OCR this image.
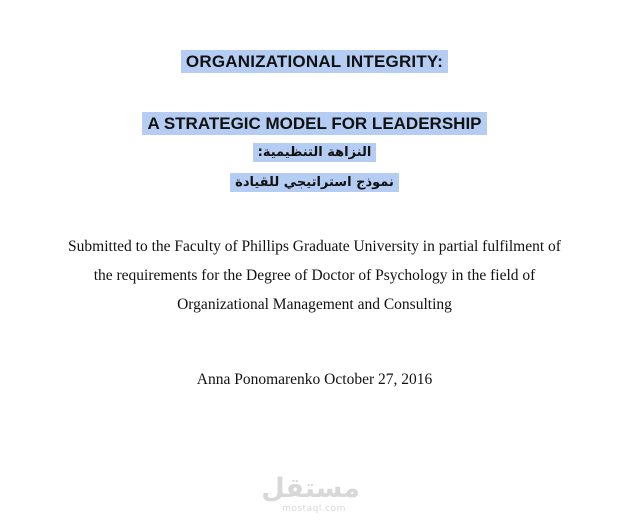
ORGANIZATIONAL INTEGRITY:
A STRATEGIC MODEL FOR LEADERSHIP
النزاهة التنظيمية:
نموذج استراتيجي للقيادة
Submitted to the Faculty of Phillips Graduate University in partial fulfilment of
the requirements for the Degree of Doctor of Psychology in the field of
Organizational Management and Consulting
Anna Ponomarenko October 27, 2016
مستقل
mostaql.com
